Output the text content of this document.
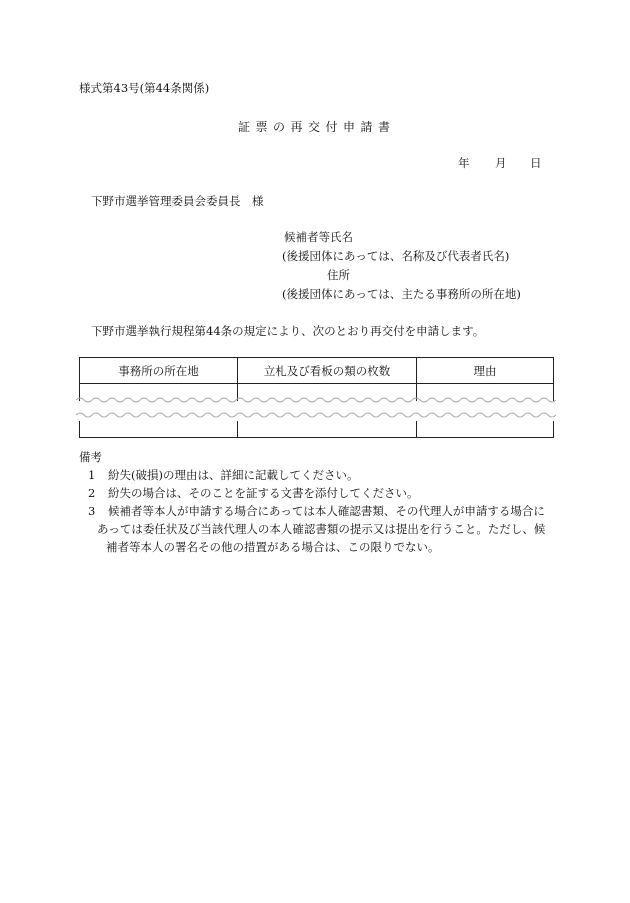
様式第43号(第44条関係)
証票の再交付申請書
年 月 日
下野市選挙管理委員会委員長　様
候補者等氏名
(後援団体にあっては、名称及び代表者氏名)
住所
(後援団体にあっては、主たる事務所の所在地)
下野市選挙執行規程第44条の規定により、次のとおり再交付を申請します。
事務所の所在地	立札及び看板の類の枚数	理由

備考
1 紛失(破損)の理由は、詳細に記載してください。
2 紛失の場合は、そのことを証する文書を添付してください。
3 候補者等本人が申請する場合にあっては本人確認書類、その代理人が申請する場合に
あっては委任状及び当該代理人の本人確認書類の提示又は提出を行うこと。ただし、候
補者等本人の署名その他の措置がある場合は、この限りでない。
